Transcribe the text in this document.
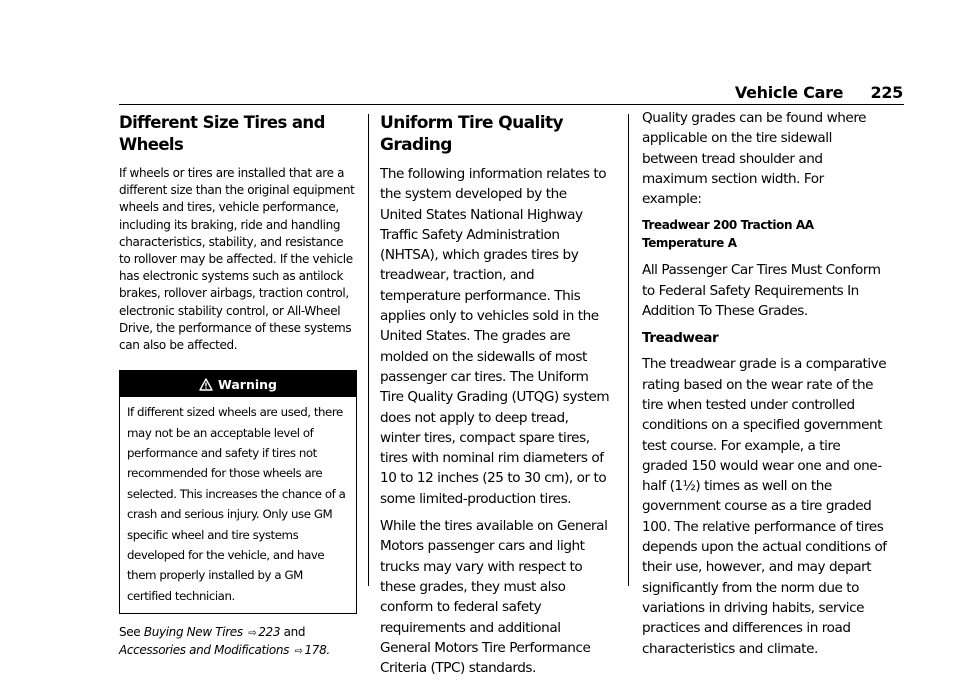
Vehicle Care 225
Different Size Tires and Wheels

If wheels or tires are installed that are a different size than the original equipment wheels and tires, vehicle performance, including its braking, ride and handling characteristics, stability, and resistance to rollover may be affected. If the vehicle has electronic systems such as antilock brakes, rollover airbags, traction control, electronic stability control, or All-Wheel Drive, the performance of these systems can also be affected.

Warning
If different sized wheels are used, there may not be an acceptable level of performance and safety if tires not recommended for those wheels are selected. This increases the chance of a crash and serious injury. Only use GM specific wheel and tire systems developed for the vehicle, and have them properly installed by a GM certified technician.
See Buying New Tires ⇨ 223 and
Accessories and Modifications ⇨ 178.
Uniform Tire Quality Grading

The following information relates to the system developed by the United States National Highway Traffic Safety Administration (NHTSA), which grades tires by treadwear, traction, and temperature performance. This applies only to vehicles sold in the United States. The grades are molded on the sidewalls of most passenger car tires. The Uniform Tire Quality Grading (UTQG) system does not apply to deep tread, winter tires, compact spare tires, tires with nominal rim diameters of 10 to 12 inches (25 to 30 cm), or to some limited-production tires.

While the tires available on General Motors passenger cars and light trucks may vary with respect to these grades, they must also conform to federal safety requirements and additional General Motors Tire Performance Criteria (TPC) standards.

Quality grades can be found where applicable on the tire sidewall between tread shoulder and maximum section width. For example:

Treadwear 200 Traction AA Temperature A

All Passenger Car Tires Must Conform to Federal Safety Requirements In Addition To These Grades.

Treadwear

The treadwear grade is a comparative rating based on the wear rate of the tire when tested under controlled conditions on a specified government test course. For example, a tire graded 150 would wear one and one-half (1½) times as well on the government course as a tire graded 100. The relative performance of tires depends upon the actual conditions of their use, however, and may depart significantly from the norm due to variations in driving habits, service practices and differences in road characteristics and climate.
